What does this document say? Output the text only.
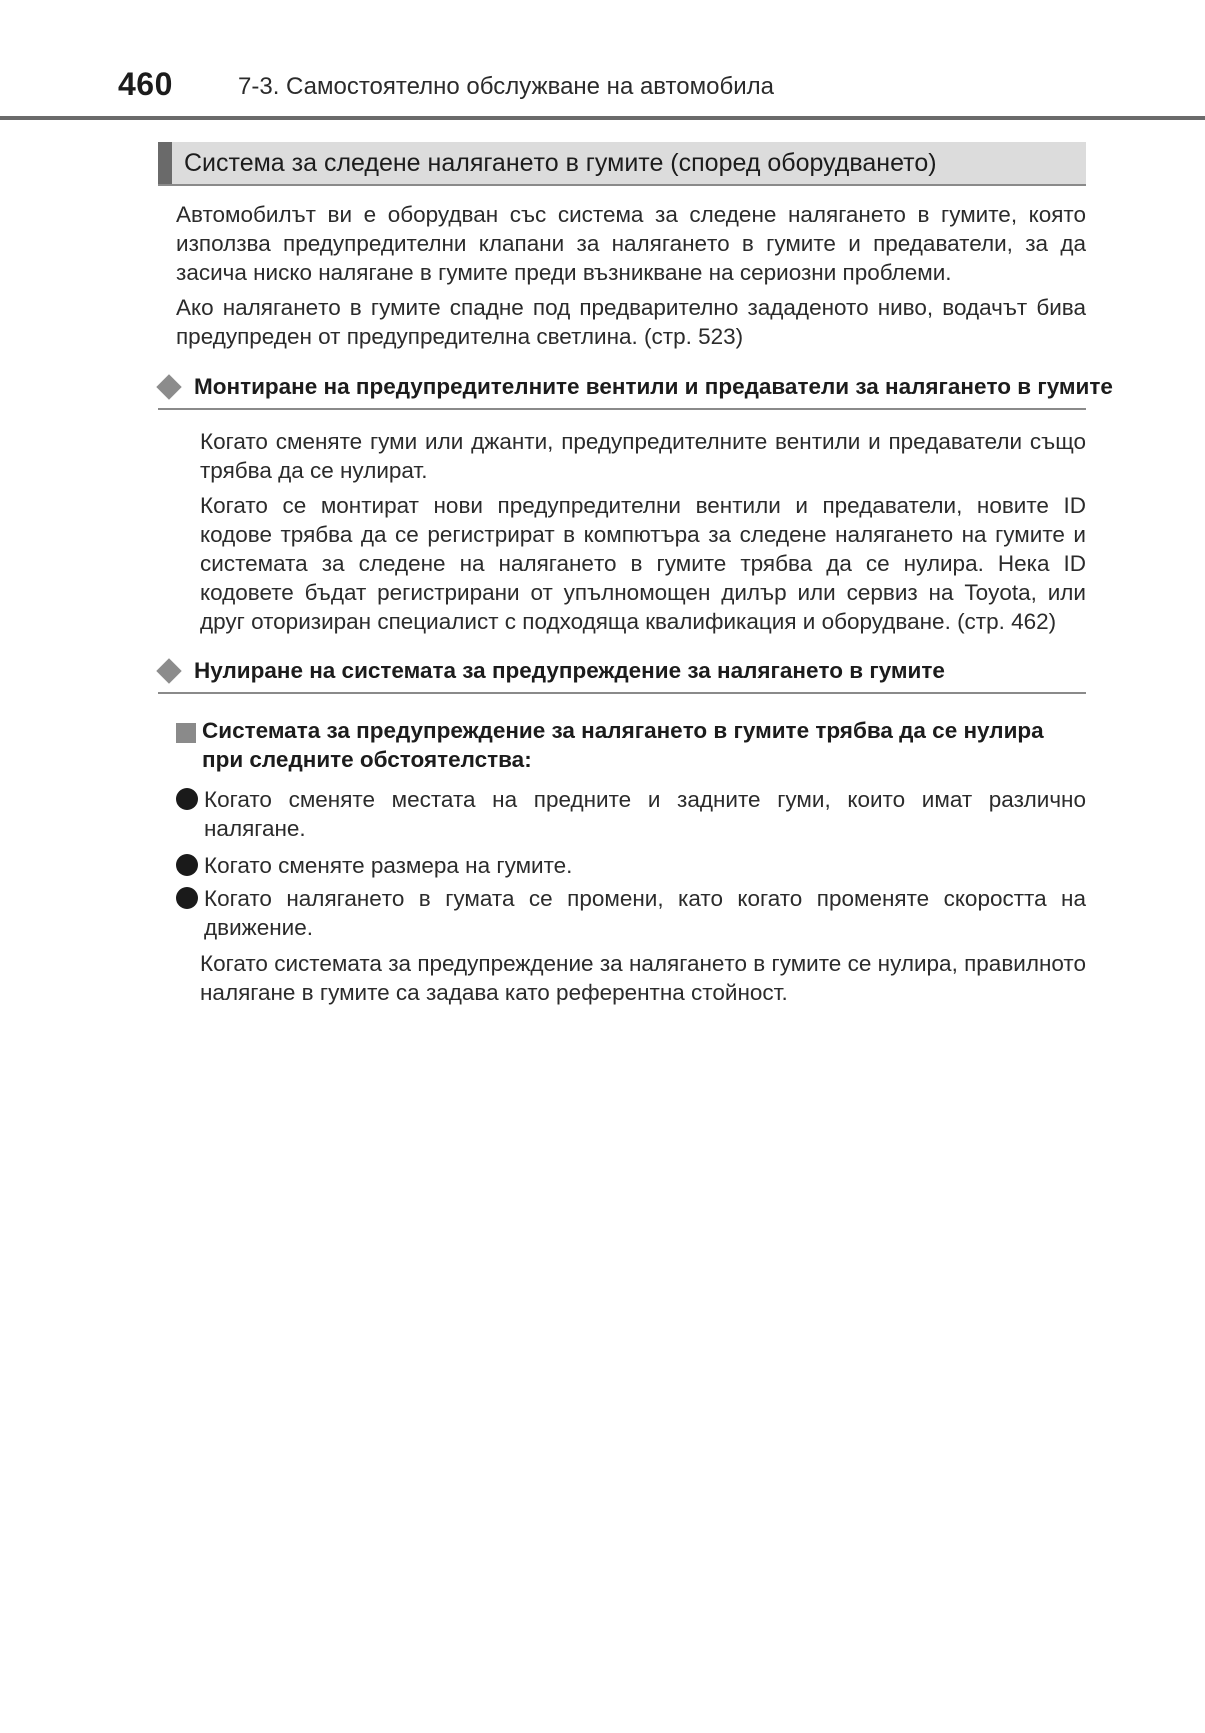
460	7-3. Самостоятелно обслужване на автомобила
Система за следене наляганeто в гумите (според оборудването)
Автомобилът ви е оборудван със система за следене наляганeто в гумите, която използва предупредителни клапани за наляганeто в гумите и предаватели, за да засича ниско налягане в гумите преди възникване на сериозни проблеми.
Ако наляганeто в гумите спадне под предварително зададеното ниво, водачът бива предупреден от предупредителна светлина. (стр. 523)
Монтиране на предупредителните вентили и предаватели за наляганeто в гумите
Когато сменяте гуми или джанти, предупредителните вентили и предаватели също трябва да се нулират.
Когато се монтират нови предупредителни вентили и предаватели, новите ID кодове трябва да се регистрират в компютъра за следене наляганeто на гумите и системата за следене на наляганeто в гумите трябва да се нулира. Нека ID кодовете бъдат регистрирани от упълномощен дилър или сервиз на Toyota, или друг оторизиран специалист с подходяща квалификация и оборудване. (стр. 462)
Нулиране на системата за предупреждение за наляганeто в гумите
Системата за предупреждение за наляганeто в гумите трябва да се нулира при следните обстоятелства:
Когато сменяте местата на предните и задните гуми, които имат различно налягане.
Когато сменяте размера на гумите.
Когато наляганeто в гумата се промени, като когато променяте скоростта на движение.
Когато системата за предупреждение за наляганeто в гумите се нулира, правилното налягане в гумите са задава като референтна стойност.
